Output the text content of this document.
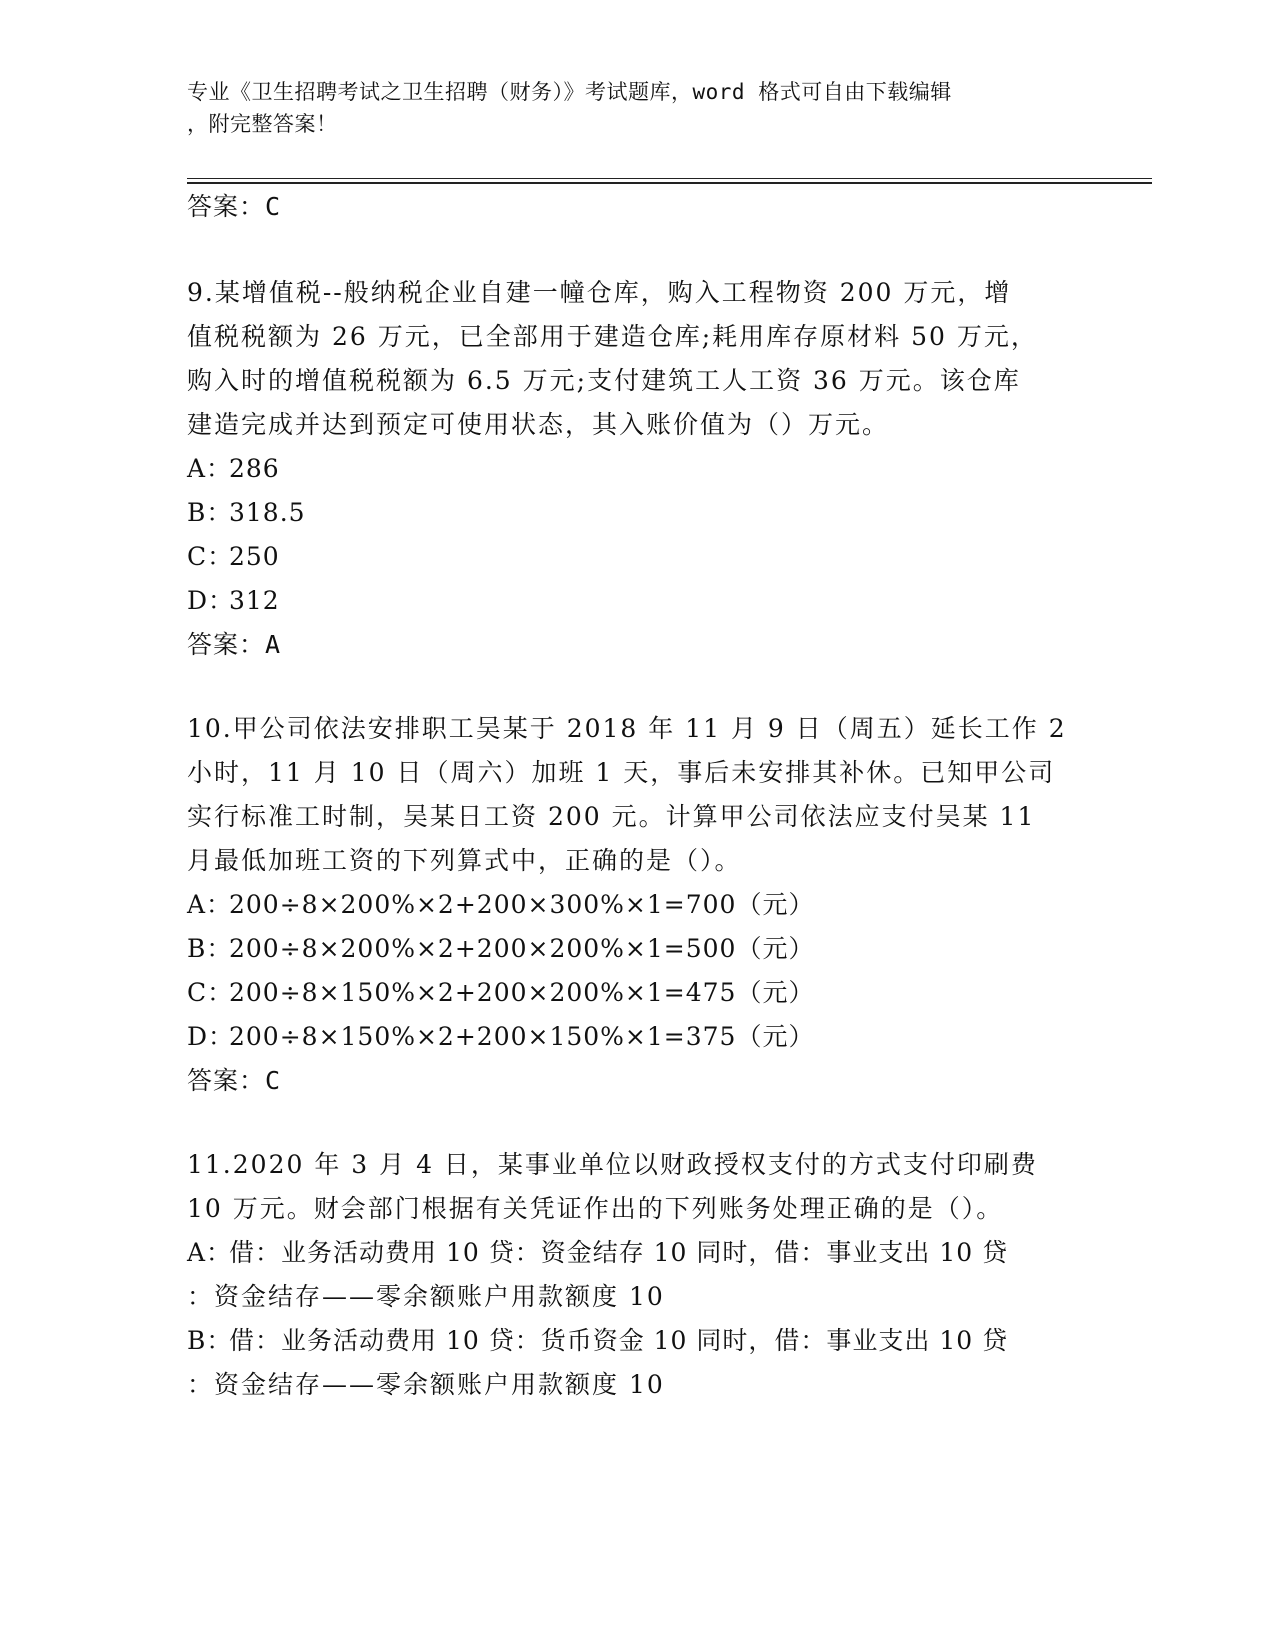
专业《卫生招聘考试之卫生招聘（财务）》考试题库，word 格式可自由下载编辑
，附完整答案！
答案：C
9.某增值税--般纳税企业自建一幢仓库，购入工程物资 200 万元，增
值税税额为 26 万元，已全部用于建造仓库;耗用库存原材料 50 万元，
购入时的增值税税额为 6.5 万元;支付建筑工人工资 36 万元。该仓库
建造完成并达到预定可使用状态，其入账价值为（）万元。
A：286
B：318.5
C：250
D：312
答案：A
10.甲公司依法安排职工吴某于 2018 年 11 月 9 日（周五）延长工作 2
小时，11 月 10 日（周六）加班 1 天，事后未安排其补休。已知甲公司
实行标准工时制，吴某日工资 200 元。计算甲公司依法应支付吴某 11
月最低加班工资的下列算式中，正确的是（）。
A：200÷8×200%×2+200×300%×1=700（元）
B：200÷8×200%×2+200×200%×1=500（元）
C：200÷8×150%×2+200×200%×1=475（元）
D：200÷8×150%×2+200×150%×1=375（元）
答案：C
11.2020 年 3 月 4 日，某事业单位以财政授权支付的方式支付印刷费
10 万元。财会部门根据有关凭证作出的下列账务处理正确的是（）。
A：借：业务活动费用 10 贷：资金结存 10 同时，借：事业支出 10 贷
：资金结存——零余额账户用款额度 10
B：借：业务活动费用 10 贷：货币资金 10 同时，借：事业支出 10 贷
：资金结存——零余额账户用款额度 10
